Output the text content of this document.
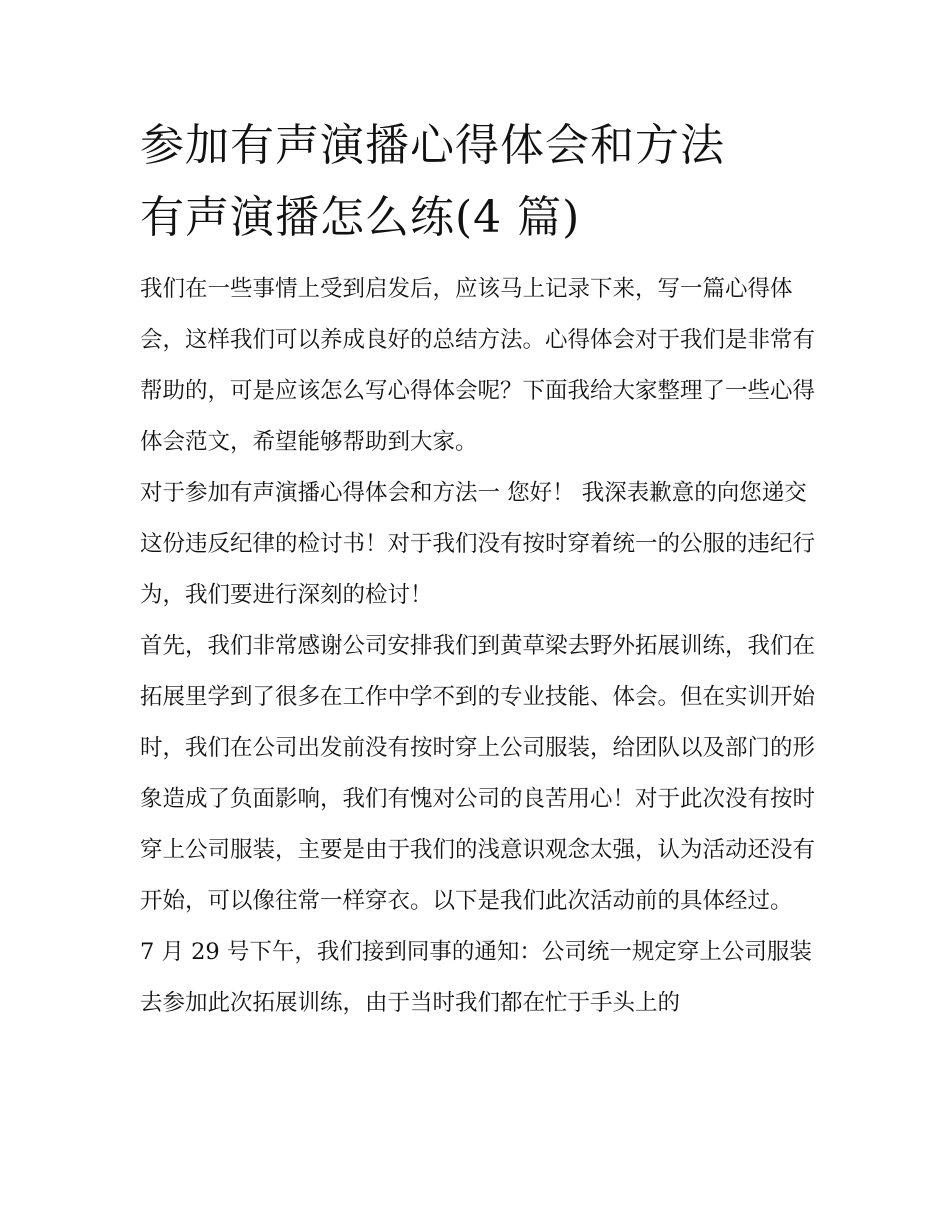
参加有声演播心得体会和方法
有声演播怎么练(4 篇)

我们在一些事情上受到启发后，应该马上记录下来，写一篇心得体会，这样我们可以养成良好的总结方法。心得体会对于我们是非常有帮助的，可是应该怎么写心得体会呢？下面我给大家整理了一些心得体会范文，希望能够帮助到大家。

对于参加有声演播心得体会和方法一 您好！ 我深表歉意的向您递交这份违反纪律的检讨书！对于我们没有按时穿着统一的公服的违纪行为，我们要进行深刻的检讨！

首先，我们非常感谢公司安排我们到黄草梁去野外拓展训练，我们在拓展里学到了很多在工作中学不到的专业技能、体会。但在实训开始时，我们在公司出发前没有按时穿上公司服装，给团队以及部门的形象造成了负面影响，我们有愧对公司的良苦用心！对于此次没有按时穿上公司服装，主要是由于我们的浅意识观念太强，认为活动还没有开始，可以像往常一样穿衣。以下是我们此次活动前的具体经过。

7 月 29 号下午，我们接到同事的通知：公司统一规定穿上公司服装去参加此次拓展训练，由于当时我们都在忙于手头上的
